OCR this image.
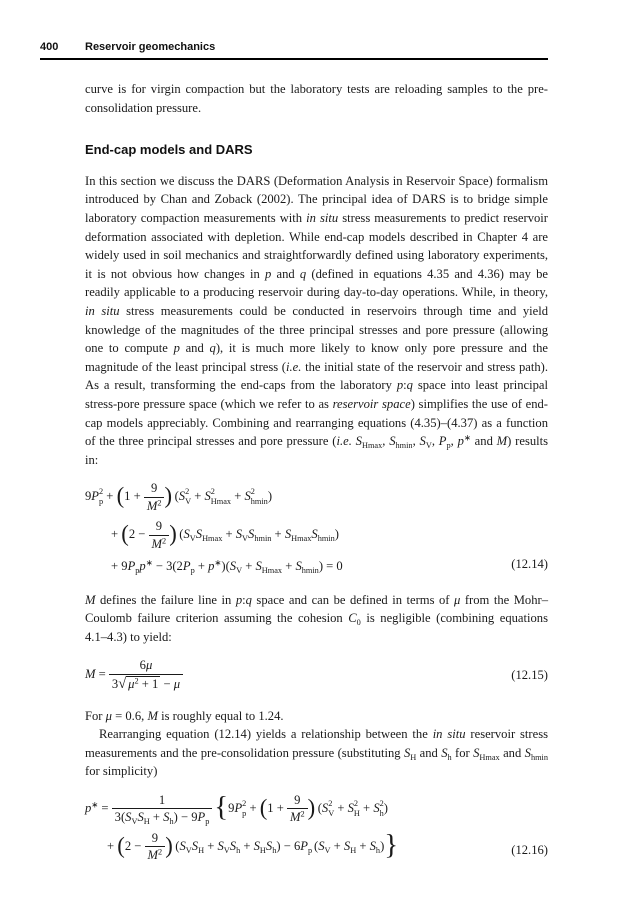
400	Reservoir geomechanics

curve is for virgin compaction but the laboratory tests are reloading samples to the pre-consolidation pressure.

End-cap models and DARS

In this section we discuss the DARS (Deformation Analysis in Reservoir Space) formalism introduced by Chan and Zoback (2002). The principal idea of DARS is to bridge simple laboratory compaction measurements with in situ stress measurements to predict reservoir deformation associated with depletion. While end-cap models described in Chapter 4 are widely used in soil mechanics and straightforwardly defined using laboratory experiments, it is not obvious how changes in p and q (defined in equations 4.35 and 4.36) may be readily applicable to a producing reservoir during day-to-day operations. While, in theory, in situ stress measurements could be conducted in reservoirs through time and yield knowledge of the magnitudes of the three principal stresses and pore pressure (allowing one to compute p and q), it is much more likely to know only pore pressure and the magnitude of the least principal stress (i.e. the initial state of the reservoir and stress path). As a result, transforming the end-caps from the laboratory p:q space into least principal stress-pore pressure space (which we refer to as reservoir space) simplifies the use of end-cap models appreciably. Combining and rearranging equations (4.35)–(4.37) as a function of the three principal stresses and pore pressure (i.e. $S_{Hmax}$, $S_{hmin}$, $S_V$, $P_p$, p∗ and M) results in:

9P 2
$p + (1 + \frac{9}{M^2}$ ) (S 2
V + S 2
Hmax + S 2
hmin )
+ ($2 - \frac{9}{M^2}$ ) $(S_VS_{Hmax} + S_VS_{hmin} + S_{Hmax}S_{hmin})$
+ $9P_pp^∗ - 3(2P_p + p^∗)(S_V + S_{Hmax} + S_{hmin}) = 0$	(12.14)

M defines the failure line in p:q space and can be defined in terms of μ from the Mohr–Coulomb failure criterion assuming the cohesion $C_0$ is negligible (combining equations 4.1–4.3) to yield:

$M = \frac{6\mu}{3√ \mu^2 + 1 - \mu}$	(12.15)

For μ = 0.6, M is roughly equal to 1.24.

Rearranging equation (12.14) yields a relationship between the in situ reservoir stress measurements and the pre-consolidation pressure (substituting $S_H$ and $S_h$ for $S_{Hmax}$ and $S_{hmin}$ for simplicity)

$p^∗ = \frac{1}{3(S_VS_H + S_h) - 9P_p} \{9P$ 2
$p + (1 + \frac{9}{M^2}$ ) (S 2
V + S 2
H + S 2
h )
+ ($2 - \frac{9}{M^2}$ ) $(S_VS_H + S_VS_h + S_HS_h) - 6P_p$ $(S_V + S_H + S_h)$}	(12.16)
